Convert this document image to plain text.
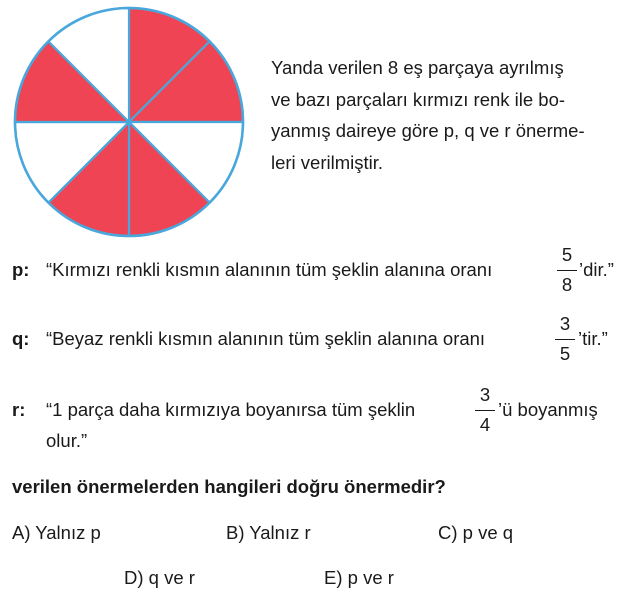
Yanda verilen 8 eş parçaya ayrılmış
ve bazı parçaları kırmızı renk ile bo-
yanmış daireye göre p, q ve r önerme-
leri verilmiştir.
p: “Kırmızı renkli kısmın alanının tüm şeklin alanına oranı
5
8
’dir.”
q: “Beyaz renkli kısmın alanının tüm şeklin alanına oranı
3
5
’tir.”
r: “1 parça daha kırmızıya boyanırsa tüm şeklin
3
4
’ü boyanmış
olur.”
verilen önermelerden hangileri doğru önermedir?
A) Yalnız p	B) Yalnız r	C) p ve q
D) q ve r	E) p ve r
